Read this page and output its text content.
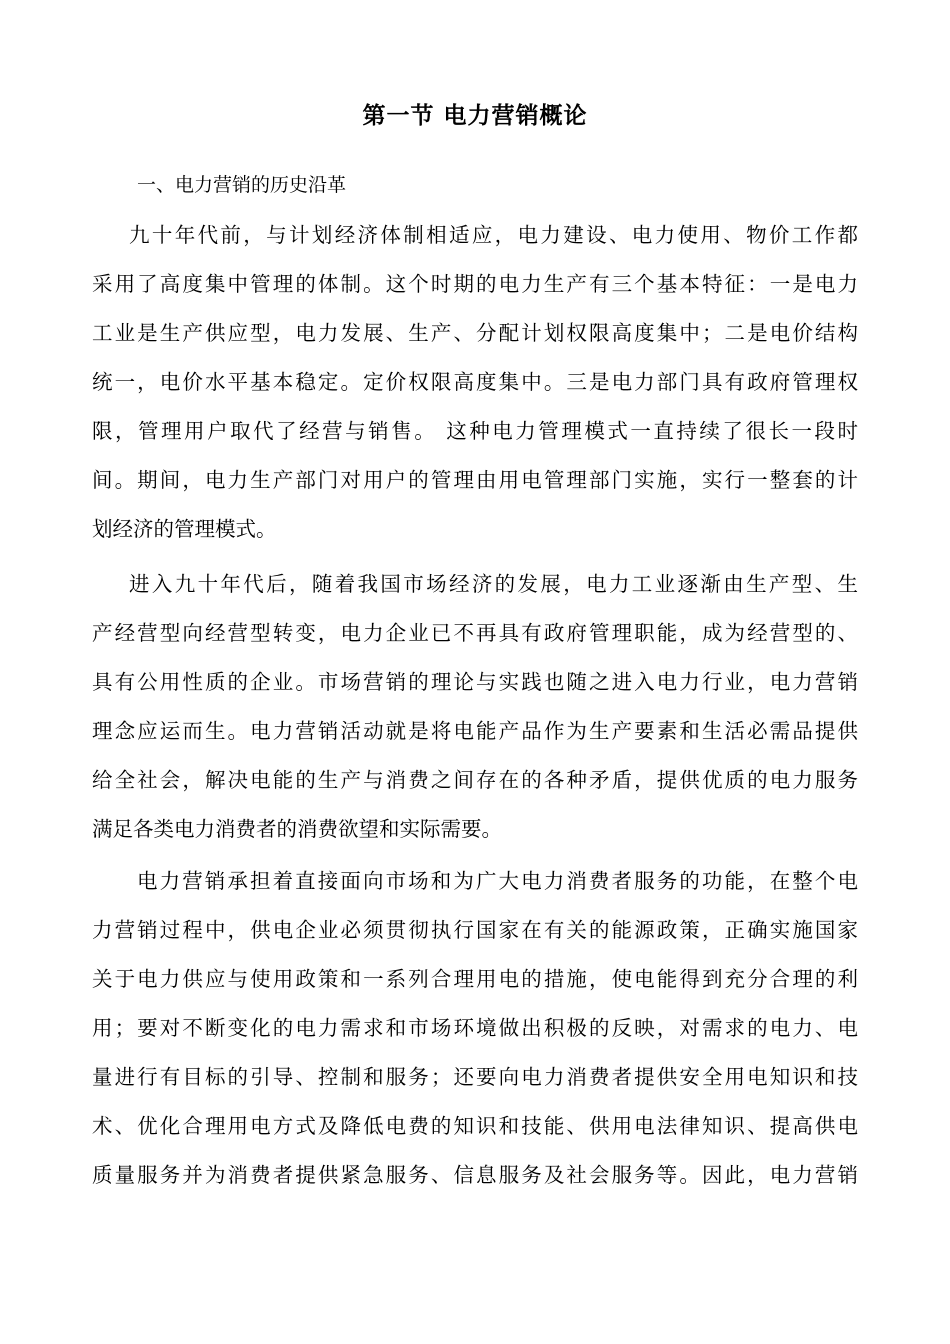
第一节 电力营销概论
一、电力营销的历史沿革
九十年代前，与计划经济体制相适应，电力建设、电力使用、物价工作都
采用了高度集中管理的体制。这个时期的电力生产有三个基本特征：一是电力
工业是生产供应型，电力发展、生产、分配计划权限高度集中；二是电价结构
统一，电价水平基本稳定。定价权限高度集中。三是电力部门具有政府管理权
限，管理用户取代了经营与销售。 这种电力管理模式一直持续了很长一段时
间。期间，电力生产部门对用户的管理由用电管理部门实施，实行一整套的计
划经济的管理模式。
进入九十年代后，随着我国市场经济的发展，电力工业逐渐由生产型、生
产经营型向经营型转变，电力企业已不再具有政府管理职能，成为经营型的、
具有公用性质的企业。市场营销的理论与实践也随之进入电力行业，电力营销
理念应运而生。电力营销活动就是将电能产品作为生产要素和生活必需品提供
给全社会，解决电能的生产与消费之间存在的各种矛盾，提供优质的电力服务
满足各类电力消费者的消费欲望和实际需要。
电力营销承担着直接面向市场和为广大电力消费者服务的功能，在整个电
力营销过程中，供电企业必须贯彻执行国家在有关的能源政策，正确实施国家
关于电力供应与使用政策和一系列合理用电的措施，使电能得到充分合理的利
用；要对不断变化的电力需求和市场环境做出积极的反映，对需求的电力、电
量进行有目标的引导、控制和服务；还要向电力消费者提供安全用电知识和技
术、优化合理用电方式及降低电费的知识和技能、供用电法律知识、提高供电
质量服务并为消费者提供紧急服务、信息服务及社会服务等。因此，电力营销
